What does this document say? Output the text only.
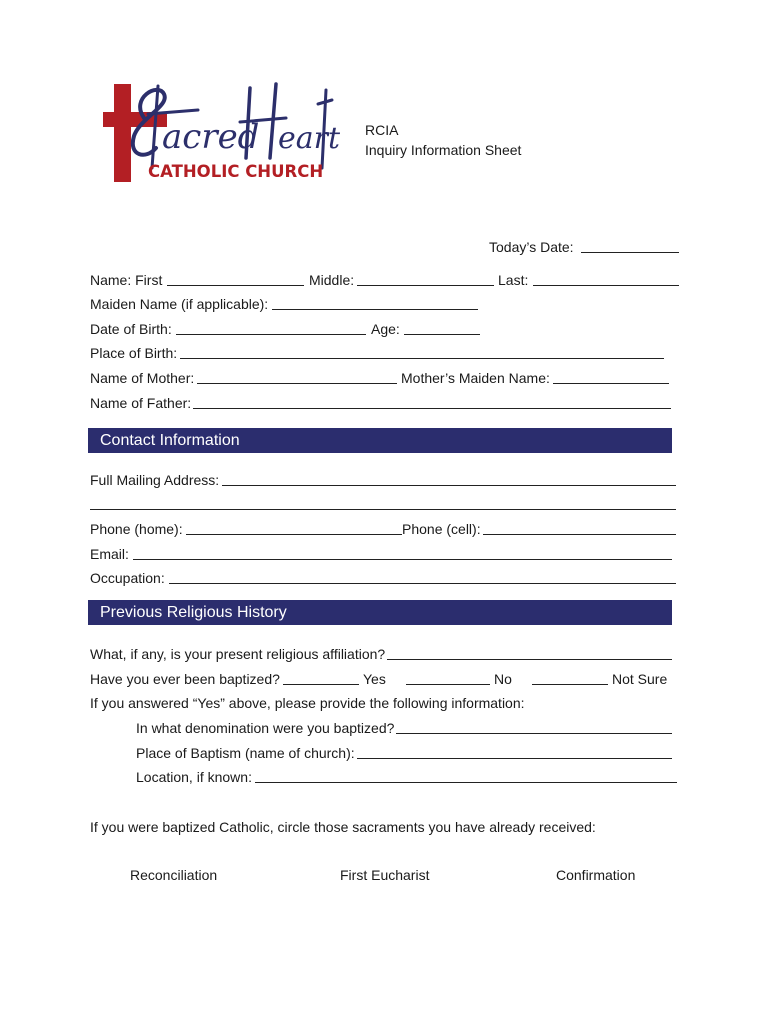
acred eart
CATHOLIC CHURCH
RCIA
Inquiry Information Sheet
Today’s Date:
Name: First	Middle:	Last:
Maiden Name (if applicable):
Date of Birth:	Age:
Place of Birth:
Name of Mother:	Mother’s Maiden Name:
Name of Father:
Contact Information
Full Mailing Address:
Phone (home):	Phone (cell):
Email:
Occupation:
Previous Religious History
What, if any, is your present religious affiliation?
Have you ever been baptized?	Yes	No	Not Sure
If you answered “Yes” above, please provide the following information:
In what denomination were you baptized?
Place of Baptism (name of church):
Location, if known:
If you were baptized Catholic, circle those sacraments you have already received:
Reconciliation	First Eucharist	Confirmation
